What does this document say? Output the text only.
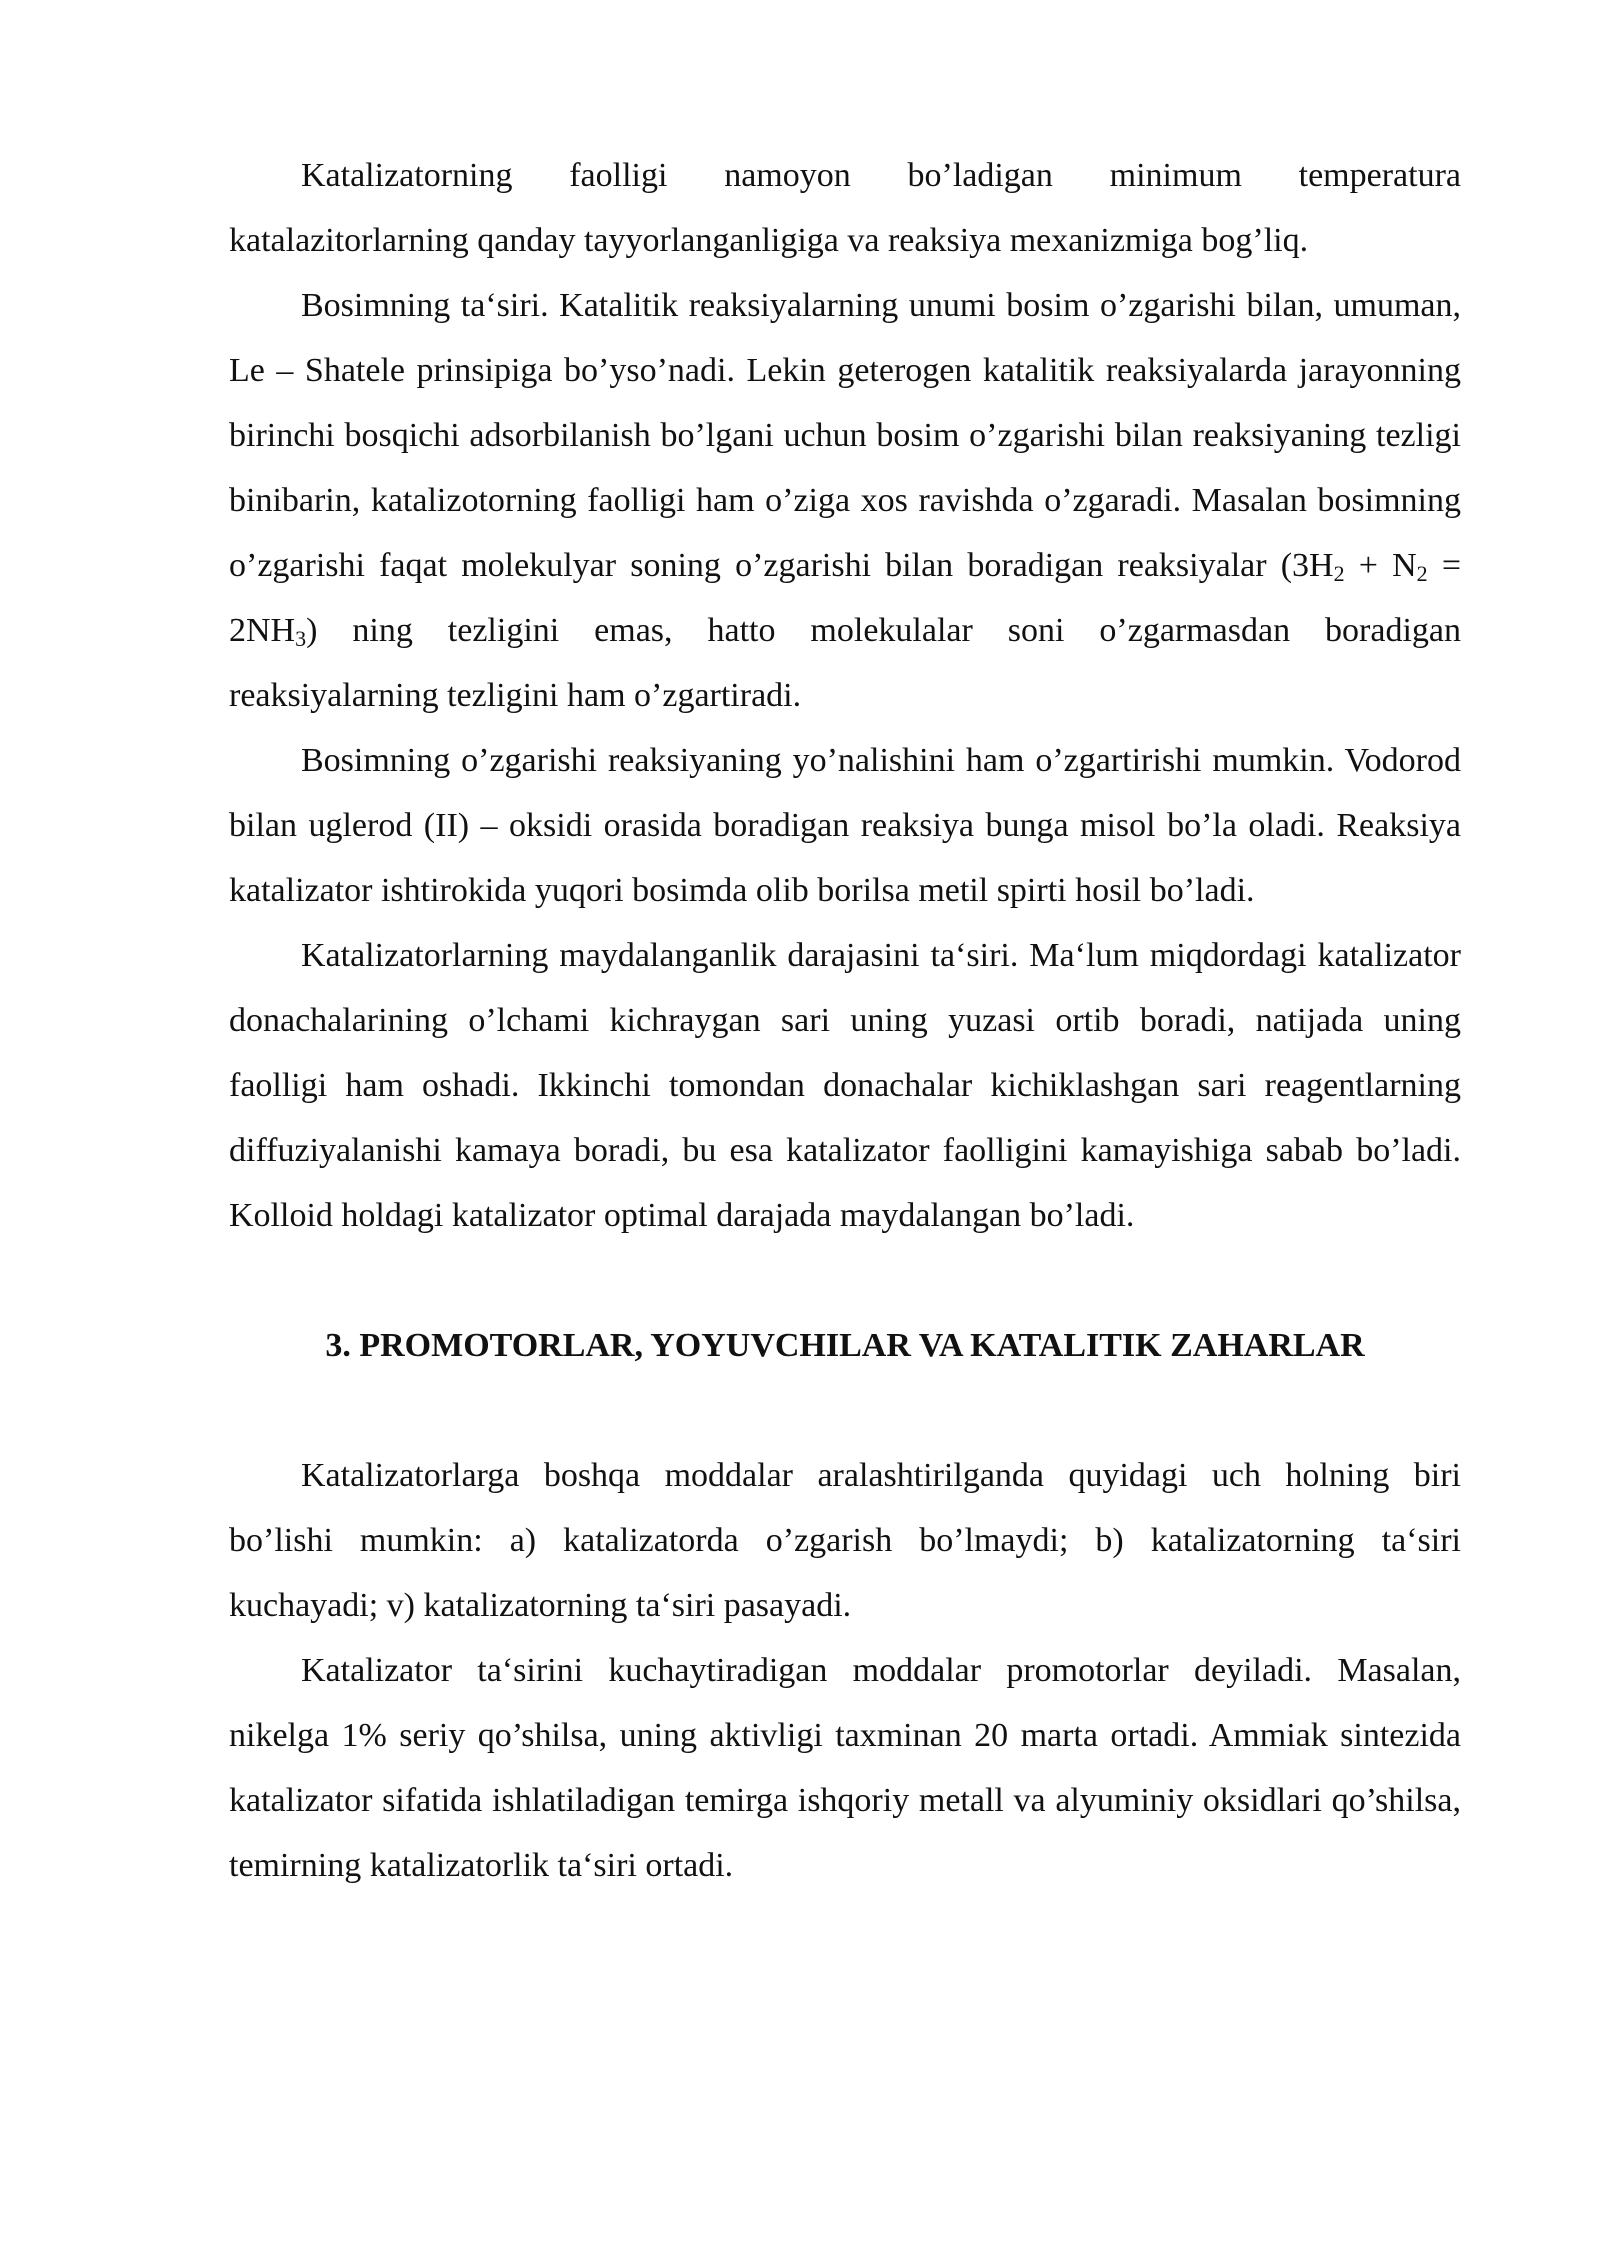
Katalizatorning faolligi namoyon bo’ladigan minimum temperatura katalazitorlarning qanday tayyorlanganligiga va reaksiya mexanizmiga bog’liq.

Bosimning ta‘siri. Katalitik reaksiyalarning unumi bosim o’zgarishi bilan, umuman, Le – Shatele prinsipiga bo’yso’nadi. Lekin geterogen katalitik reaksiyalarda jarayonning birinchi bosqichi adsorbilanish bo’lgani uchun bosim o’zgarishi bilan reaksiyaning tezligi binibarin, katalizotorning faolligi ham o’ziga xos ravishda o’zgaradi. Masalan bosimning o’zgarishi faqat molekulyar soning o’zgarishi bilan boradigan reaksiyalar $(3H_2 + N_2 = 2NH_3)$ ning tezligini emas, hatto molekulalar soni o’zgarmasdan boradigan reaksiyalarning tezligini ham o’zgartiradi.

Bosimning o’zgarishi reaksiyaning yo’nalishini ham o’zgartirishi mumkin. Vodorod bilan uglerod (II) – oksidi orasida boradigan reaksiya bunga misol bo’la oladi. Reaksiya katalizator ishtirokida yuqori bosimda olib borilsa metil spirti hosil bo’ladi.

Katalizatorlarning maydalanganlik darajasini ta‘siri. Ma‘lum miqdordagi katalizator donachalarining o’lchami kichraygan sari uning yuzasi ortib boradi, natijada uning faolligi ham oshadi. Ikkinchi tomondan donachalar kichiklashgan sari reagentlarning diffuziyalanishi kamaya boradi, bu esa katalizator faolligini kamayishiga sabab bo’ladi. Kolloid holdagi katalizator optimal darajada maydalangan bo’ladi.

3. PROMOTORLAR, YOYUVCHILAR VA KATALITIK ZAHARLAR

Katalizatorlarga boshqa moddalar aralashtirilganda quyidagi uch holning biri bo’lishi mumkin: a) katalizatorda o’zgarish bo’lmaydi; b) katalizatorning ta‘siri kuchayadi; v) katalizatorning ta‘siri pasayadi.

Katalizator ta‘sirini kuchaytiradigan moddalar promotorlar deyiladi. Masalan, nikelga 1% seriy qo’shilsa, uning aktivligi taxminan 20 marta ortadi. Ammiak sintezida katalizator sifatida ishlatiladigan temirga ishqoriy metall va alyuminiy oksidlari qo’shilsa, temirning katalizatorlik ta‘siri ortadi.
